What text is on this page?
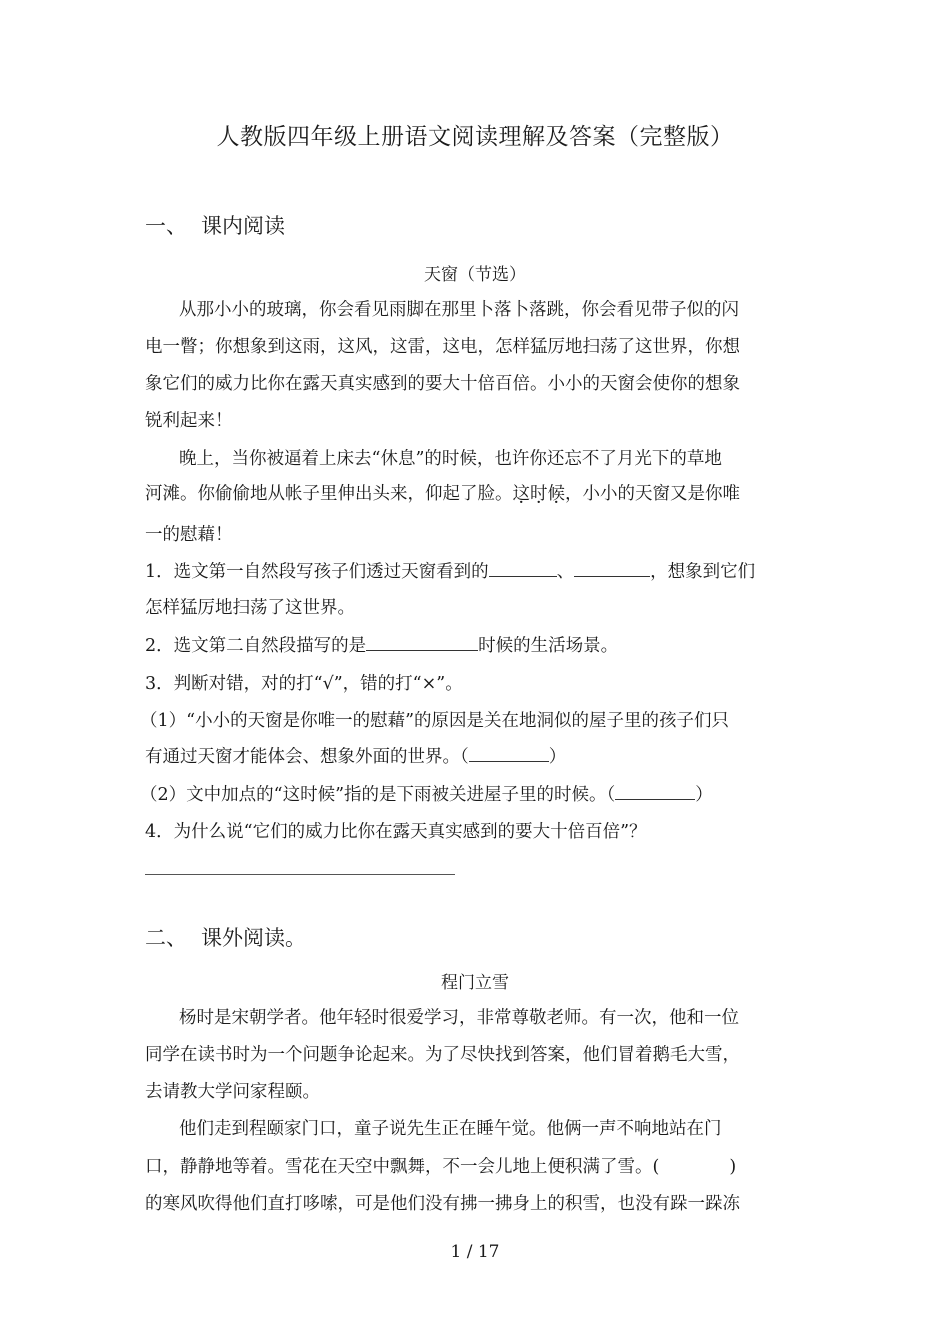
人教版四年级上册语文阅读理解及答案（完整版）
一、 课内阅读
天窗（节选）
从那小小的玻璃，你会看见雨脚在那里卜落卜落跳，你会看见带子似的闪
电一瞥；你想象到这雨，这风，这雷，这电，怎样猛厉地扫荡了这世界，你想
象它们的威力比你在露天真实感到的要大十倍百倍。小小的天窗会使你的想象
锐利起来！
晚上，当你被逼着上床去“休息”的时候，也许你还忘不了月光下的草地
河滩。你偷偷地从帐子里伸出头来，仰起了脸。这时候，小小的天窗又是你唯
一的慰藉！
1．选文第一自然段写孩子们透过天窗看到的	、	，想象到它们
怎样猛厉地扫荡了这世界。
2．选文第二自然段描写的是	时候的生活场景。
3．判断对错，对的打“√”，错的打“×”。
（1）“小小的天窗是你唯一的慰藉”的原因是关在地洞似的屋子里的孩子们只
有通过天窗才能体会、想象外面的世界。（	）
（2）文中加点的“这时候”指的是下雨被关进屋子里的时候。（	）
4．为什么说“它们的威力比你在露天真实感到的要大十倍百倍”？
二、 课外阅读。
程门立雪
杨时是宋朝学者。他年轻时很爱学习，非常尊敬老师。有一次，他和一位
同学在读书时为一个问题争论起来。为了尽快找到答案，他们冒着鹅毛大雪，
去请教大学问家程颐。
他们走到程颐家门口，童子说先生正在睡午觉。他俩一声不响地站在门
口，静静地等着。雪花在天空中飘舞，不一会儿地上便积满了雪。(	)
的寒风吹得他们直打哆嗦，可是他们没有拂一拂身上的积雪，也没有跺一跺冻
1 / 17
